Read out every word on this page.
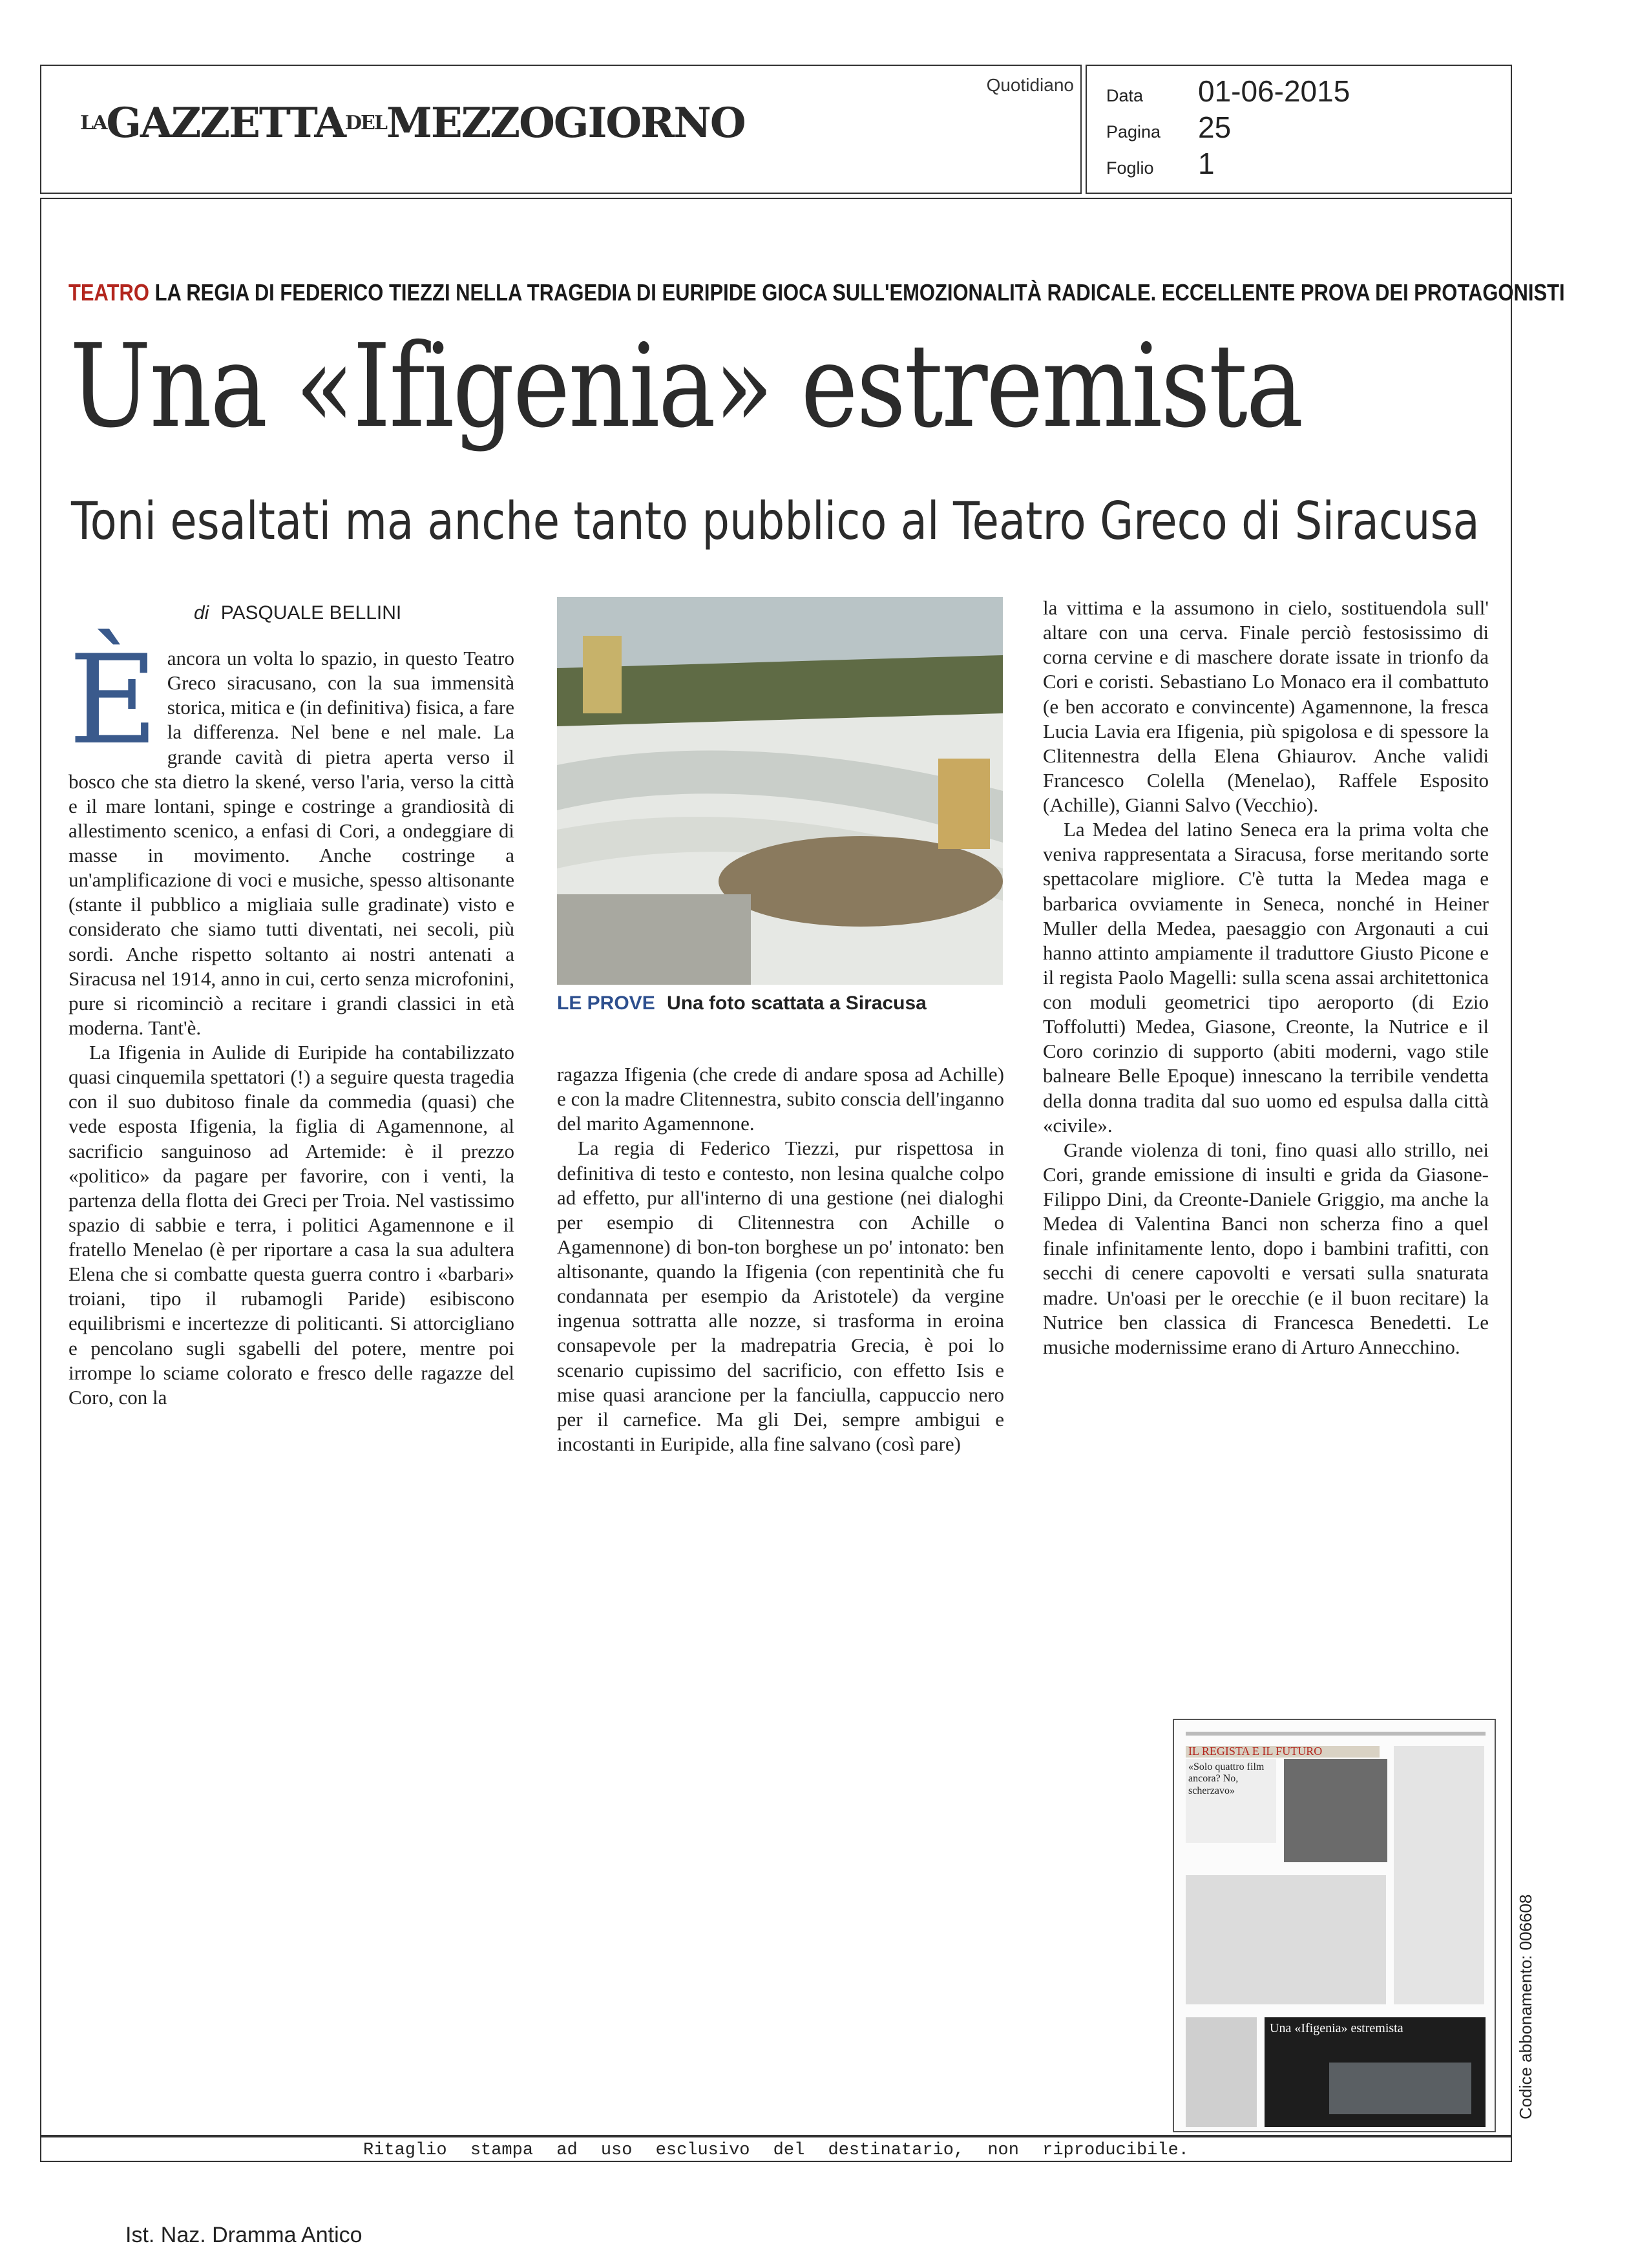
LA GAZZETTA DEL MEZZOGIORNO
Quotidiano
Data	01-06-2015
Pagina	25
Foglio	1
TEATRO LA REGIA DI FEDERICO TIEZZI NELLA TRAGEDIA DI EURIPIDE GIOCA SULL'EMOZIONALITÀ RADICALE. ECCELLENTE PROVA DEI PROTAGONISTI
Una «Ifigenia» estremista
Toni esaltati ma anche tanto pubblico al Teatro Greco di Siracusa
di PASQUALE BELLINI

È ancora un volta lo spazio, in questo Teatro Greco siracusano, con la sua immensità storica, mitica e (in definitiva) fisica, a fare la differenza. Nel bene e nel male. La grande cavità di pietra aperta verso il bosco che sta dietro la skené, verso l'aria, verso la città e il mare lontani, spinge e costringe a grandiosità di allestimento scenico, a enfasi di Cori, a ondeggiare di masse in movimento. Anche costringe a un'amplificazione di voci e musiche, spesso altisonante (stante il pubblico a migliaia sulle gradinate) visto e considerato che siamo tutti diventati, nei secoli, più sordi. Anche rispetto soltanto ai nostri antenati a Siracusa nel 1914, anno in cui, certo senza microfonini, pure si ricominciò a recitare i grandi classici in età moderna. Tant'è.

La Ifigenia in Aulide di Euripide ha contabilizzato quasi cinquemila spettatori (!) a seguire questa tragedia con il suo dubitoso finale da commedia (quasi) che vede esposta Ifigenia, la figlia di Agamennone, al sacrificio sanguinoso ad Artemide: è il prezzo «politico» da pagare per favorire, con i venti, la partenza della flotta dei Greci per Troia. Nel vastissimo spazio di sabbie e terra, i politici Agamennone e il fratello Menelao (è per riportare a casa la sua adultera Elena che si combatte questa guerra contro i «barbari» troiani, tipo il rubamogli Paride) esibiscono equilibrismi e incertezze di politicanti. Si attorcigliano e pencolano sugli sgabelli del potere, mentre poi irrompe lo sciame colorato e fresco delle ragazze del Coro, con la

LE PROVE Una foto scattata a Siracusa

ragazza Ifigenia (che crede di andare sposa ad Achille) e con la madre Clitennestra, subito conscia dell'inganno del marito Agamennone.

La regia di Federico Tiezzi, pur rispettosa in definitiva di testo e contesto, non lesina qualche colpo ad effetto, pur all'interno di una gestione (nei dialoghi per esempio di Clitennestra con Achille o Agamennone) di bon-ton borghese un po' intonato: ben altisonante, quando la Ifigenia (con repentinità che fu condannata per esempio da Aristotele) da vergine ingenua sottratta alle nozze, si trasforma in eroina consapevole per la madrepatria Grecia, è poi lo scenario cupissimo del sacrificio, con effetto Isis e mise quasi arancione per la fanciulla, cappuccio nero per il carnefice. Ma gli Dei, sempre ambigui e incostanti in Euripide, alla fine salvano (così pare)

la vittima e la assumono in cielo, sostituendola sull' altare con una cerva. Finale perciò festosissimo di corna cervine e di maschere dorate issate in trionfo da Cori e coristi. Sebastiano Lo Monaco era il combattuto (e ben accorato e convincente) Agamennone, la fresca Lucia Lavia era Ifigenia, più spigolosa e di spessore la Clitennestra della Elena Ghiaurov. Anche validi Francesco Colella (Menelao), Raffele Esposito (Achille), Gianni Salvo (Vecchio).

La Medea del latino Seneca era la prima volta che veniva rappresentata a Siracusa, forse meritando sorte spettacolare migliore. C'è tutta la Medea maga e barbarica ovviamente in Seneca, nonché in Heiner Muller della Medea, paesaggio con Argonauti a cui hanno attinto ampiamente il traduttore Giusto Picone e il regista Paolo Magelli: sulla scena assai architettonica con moduli geometrici tipo aeroporto (di Ezio Toffolutti) Medea, Giasone, Creonte, la Nutrice e il Coro corinzio di supporto (abiti moderni, vago stile balneare Belle Epoque) innescano la terribile vendetta della donna tradita dal suo uomo ed espulsa dalla città «civile».

Grande violenza di toni, fino quasi allo strillo, nei Cori, grande emissione di insulti e grida da Giasone-Filippo Dini, da Creonte-Daniele Griggio, ma anche la Medea di Valentina Banci non scherza fino a quel finale infinitamente lento, dopo i bambini trafitti, con secchi di cenere capovolti e versati sulla snaturata madre. Un'oasi per le orecchie (e il buon recitare) la Nutrice ben classica di Francesca Benedetti. Le musiche modernissime erano di Arturo Annecchino.

IL REGISTA E IL FUTURO
«Solo quattro film ancora? No, scherzavo»
Una «Ifigenia» estremista	Codice abbonamento: 006608
Ritaglio stampa ad uso esclusivo del destinatario, non riproducibile.
Ist. Naz. Dramma Antico
